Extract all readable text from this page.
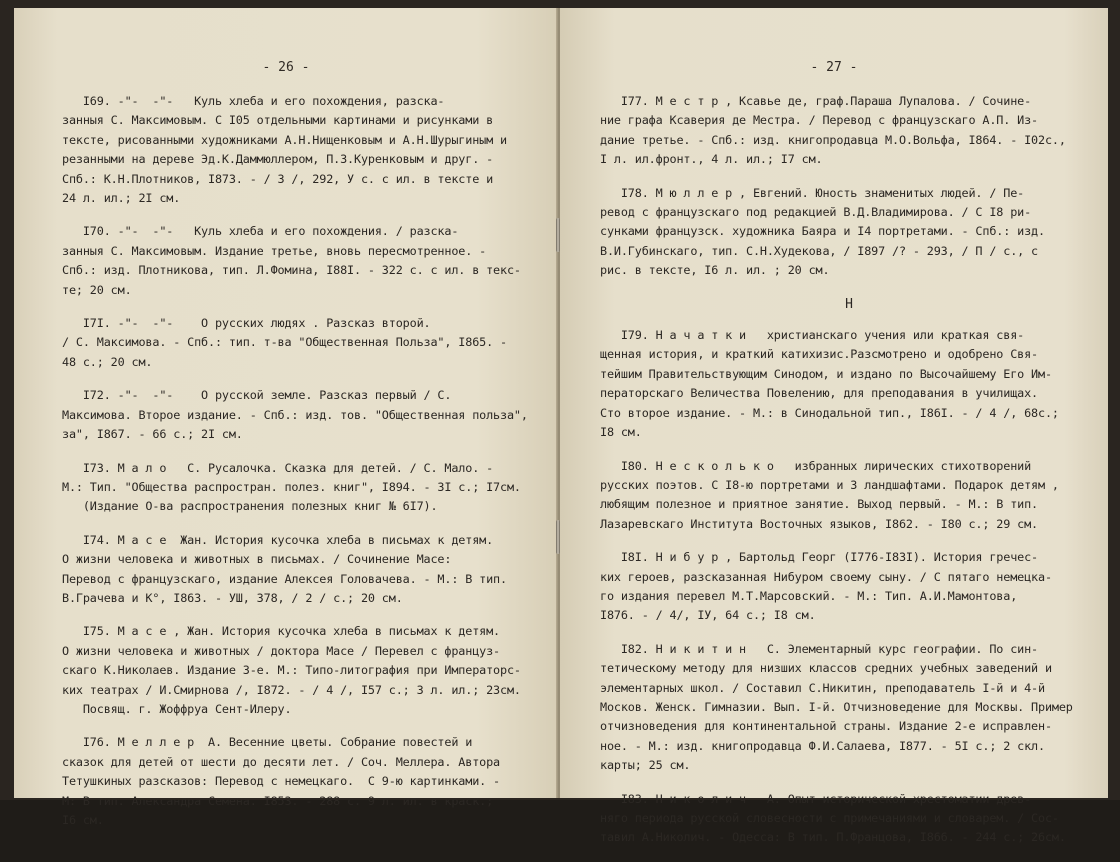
- 26 -
I69. -"-  -"-   Куль хлеба и его похождения, разска-
занныя С. Максимовым. С I05 отдельными картинами и рисунками в
тексте, рисованными художниками А.Н.Нищенковым и А.Н.Шурыгиным и
резанными на дереве Эд.К.Даммюллером, П.З.Куренковым и друг. -
Спб.: К.Н.Плотников, I873. - / 3 /, 292, У с. с ил. в тексте и
24 л. ил.; 2I см.
I70. -"-  -"-   Куль хлеба и его похождения. / разска-
занныя С. Максимовым. Издание третье, вновь пересмотренное. -
Спб.: изд. Плотникова, тип. Л.Фомина, I88I. - 322 с. с ил. в текс-
те; 20 см.
I7I. -"-  -"-    О русских людях . Разсказ второй.
/ С. Максимова. - Спб.: тип. т-ва "Общественная Польза", I865. -
48 с.; 20 см.
I72. -"-  -"-    О русской земле. Разсказ первый / С.
Максимова. Второе издание. - Спб.: изд. тов. "Общественная польза",
за", I867. - 66 с.; 2I см.
I73. М а л о   С. Русалочка. Сказка для детей. / С. Мало. -
М.: Тип. "Общества распростран. полез. книг", I894. - 3I с.; I7см.
(Издание О-ва распространения полезных книг № 6I7).
I74. М а с е  Жан. История кусочка хлеба в письмах к детям.
О жизни человека и животных в письмах. / Сочинение Масе:
Перевод с французскаго, издание Алексея Головачева. - М.: В тип.
В.Грачева и К°, I863. - УШ, 378, / 2 / с.; 20 см.
I75. М а с е , Жан. История кусочка хлеба в письмах к детям.
О жизни человека и животных / доктора Масе / Перевел с француз-
скаго К.Николаев. Издание 3-е. М.: Типо-литография при Императорс-
ких театрах / И.Смирнова /, I872. - / 4 /, I57 с.; 3 л. ил.; 23см.
Посвящ. г. Жоффруа Сент-Илеру.
I76. М е л л е р  А. Весенние цветы. Собрание повестей и
сказок для детей от шести до десяти лет. / Соч. Меллера. Автора
Тетушкиных разсказов: Перевод с немецкаго.  С 9-ю картинками. -
М: В тип. Александра Семена. I853. - 288 с. 9 л. ил. в краск.;
I6 см.
- 27 -
I77. М е с т р , Ксавье де, граф.Параша Лупалова. / Сочине-
ние графа Ксаверия де Местра. / Перевод с французскаго А.П. Из-
дание третье. - Спб.: изд. книгопродавца М.О.Вольфа, I864. - I02с.,
I л. ил.фронт., 4 л. ил.; I7 см.
I78. М ю л л е р , Евгений. Юность знаменитых людей. / Пе-
ревод с французскаго под редакцией В.Д.Владимирова. / С I8 ри-
сунками французск. художника Баяра и I4 портретами. - Спб.: изд.
В.И.Губинскаго, тип. С.Н.Худекова, / I897 /? - 293, / П / с., с
рис. в тексте, I6 л. ил. ; 20 см.
Н
I79. Н а ч а т к и   христианскаго учения или краткая свя-
щенная история, и краткий катихизис.Разсмотрено и одобрено Свя-
тейшим Правительствующим Синодом, и издано по Высочайшему Его Им-
ператорскаго Величества Повелению, для преподавания в училищах.
Сто второе издание. - М.: в Синодальной тип., I86I. - / 4 /, 68с.;
I8 см.
I80. Н е с к о л ь к о   избранных лирических стихотворений
русских поэтов. С I8-ю портретами и 3 ландшафтами. Подарок детям ,
любящим полезное и приятное занятие. Выход первый. - М.: В тип.
Лазаревскаго Института Восточных языков, I862. - I80 с.; 29 см.
I8I. Н и б у р , Бартольд Георг (I776-I83I). История гречес-
ких героев, разсказанная Нибуром своему сыну. / С пятаго немецка-
го издания перевел М.Т.Марсовский. - М.: Тип. А.И.Мамонтова,
I876. - / 4/, IУ, 64 с.; I8 см.
I82. Н и к и т и н   С. Элементарный курс географии. По син-
тетическому методу для низших классов средних учебных заведений и
элементарных школ. / Составил С.Никитин, преподаватель I-й и 4-й
Москов. Женск. Гимназии. Вып. I-й. Отчизноведение для Москвы. Пример
отчизноведения для континентальной страны. Издание 2-е исправлен-
ное. - М.: изд. книгопродавца Ф.И.Салаева, I877. - 5I с.; 2 скл.
карты; 25 см.
I83. Н и к о л и ч   А. Опыт исторической хрестоматии древ-
няго периода русской словесности с примечаниями и словарем. / Сос-
тавил А.Николич. - Одесса: В тип. П.Францова, I866. - 244 с.; 26см.
